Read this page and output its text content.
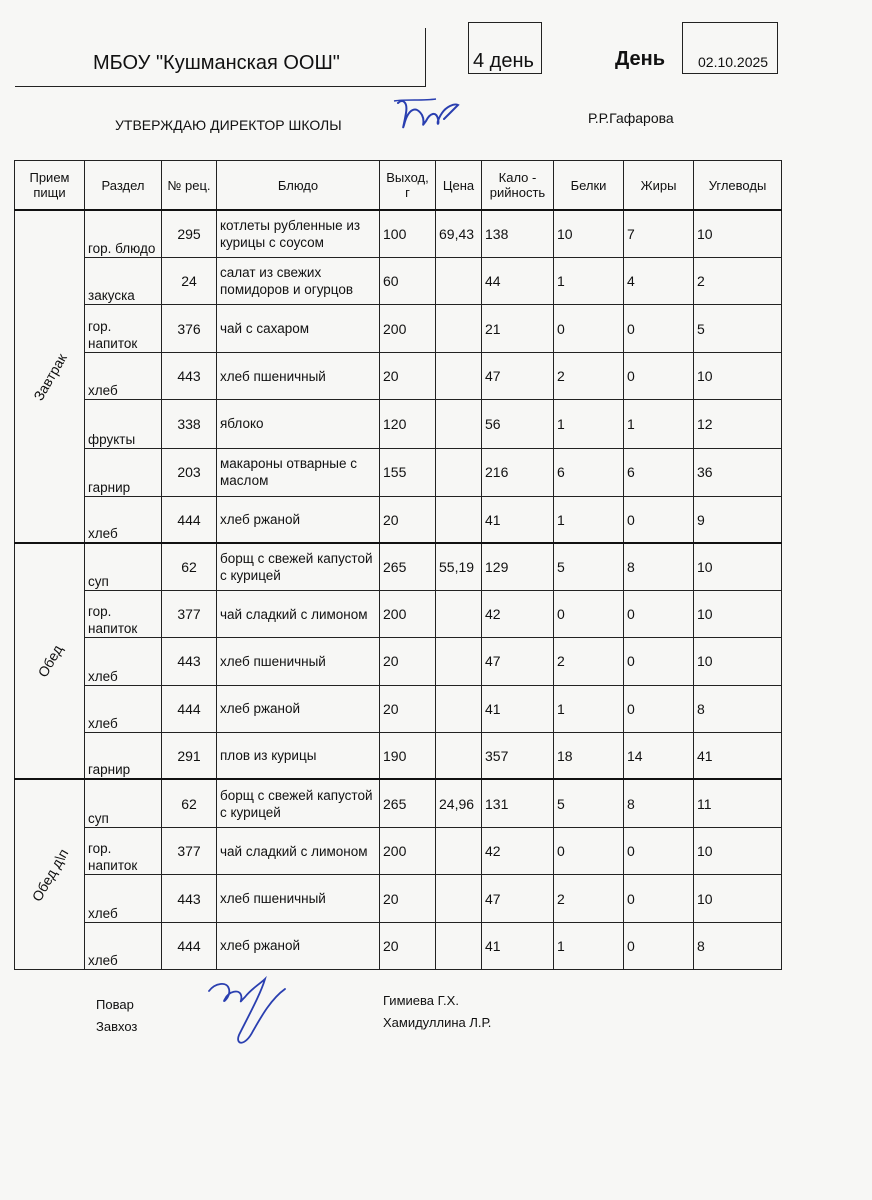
МБОУ "Кушманская ООШ"	4 день	День 02.10.2025
УТВЕРЖДАЮ ДИРЕКТОР ШКОЛЫ	Р.Р.Гафарова
Прием пищи	Раздел	№ рец.	Блюдо	Выход, г	Цена	Кало - рийность	Белки	Жиры	Углеводы

Завтрак	гор. блюдо	295	котлеты рубленные из курицы с соусом	100	69,43	138	10	7	10
	закуска	24	салат из свежих помидоров и огурцов	60		44	1	4	2
	гор. напиток	376	чай с сахаром	200		21	0	0	5
	хлеб	443	хлеб пшеничный	20		47	2	0	10
	фрукты	338	яблоко	120		56	1	1	12
	гарнир	203	макароны отварные с маслом	155		216	6	6	36
	хлеб	444	хлеб ржаной	20		41	1	0	9

Обед	суп	62	борщ с свежей капустой с курицей	265	55,19	129	5	8	10
	гор. напиток	377	чай сладкий с лимоном	200		42	0	0	10
	хлеб	443	хлеб пшеничный	20		47	2	0	10
	хлеб	444	хлеб ржаной	20		41	1	0	8
	гарнир	291	плов из курицы	190		357	18	14	41

Обед д\п	суп	62	борщ с свежей капустой с курицей	265	24,96	131	5	8	11
	гор. напиток	377	чай сладкий с лимоном	200		42	0	0	10
	хлеб	443	хлеб пшеничный	20		47	2	0	10
	хлеб	444	хлеб ржаной	20		41	1	0	8
Повар
Завхоз
Гимиева Г.Х.
Хамидуллина Л.Р.
